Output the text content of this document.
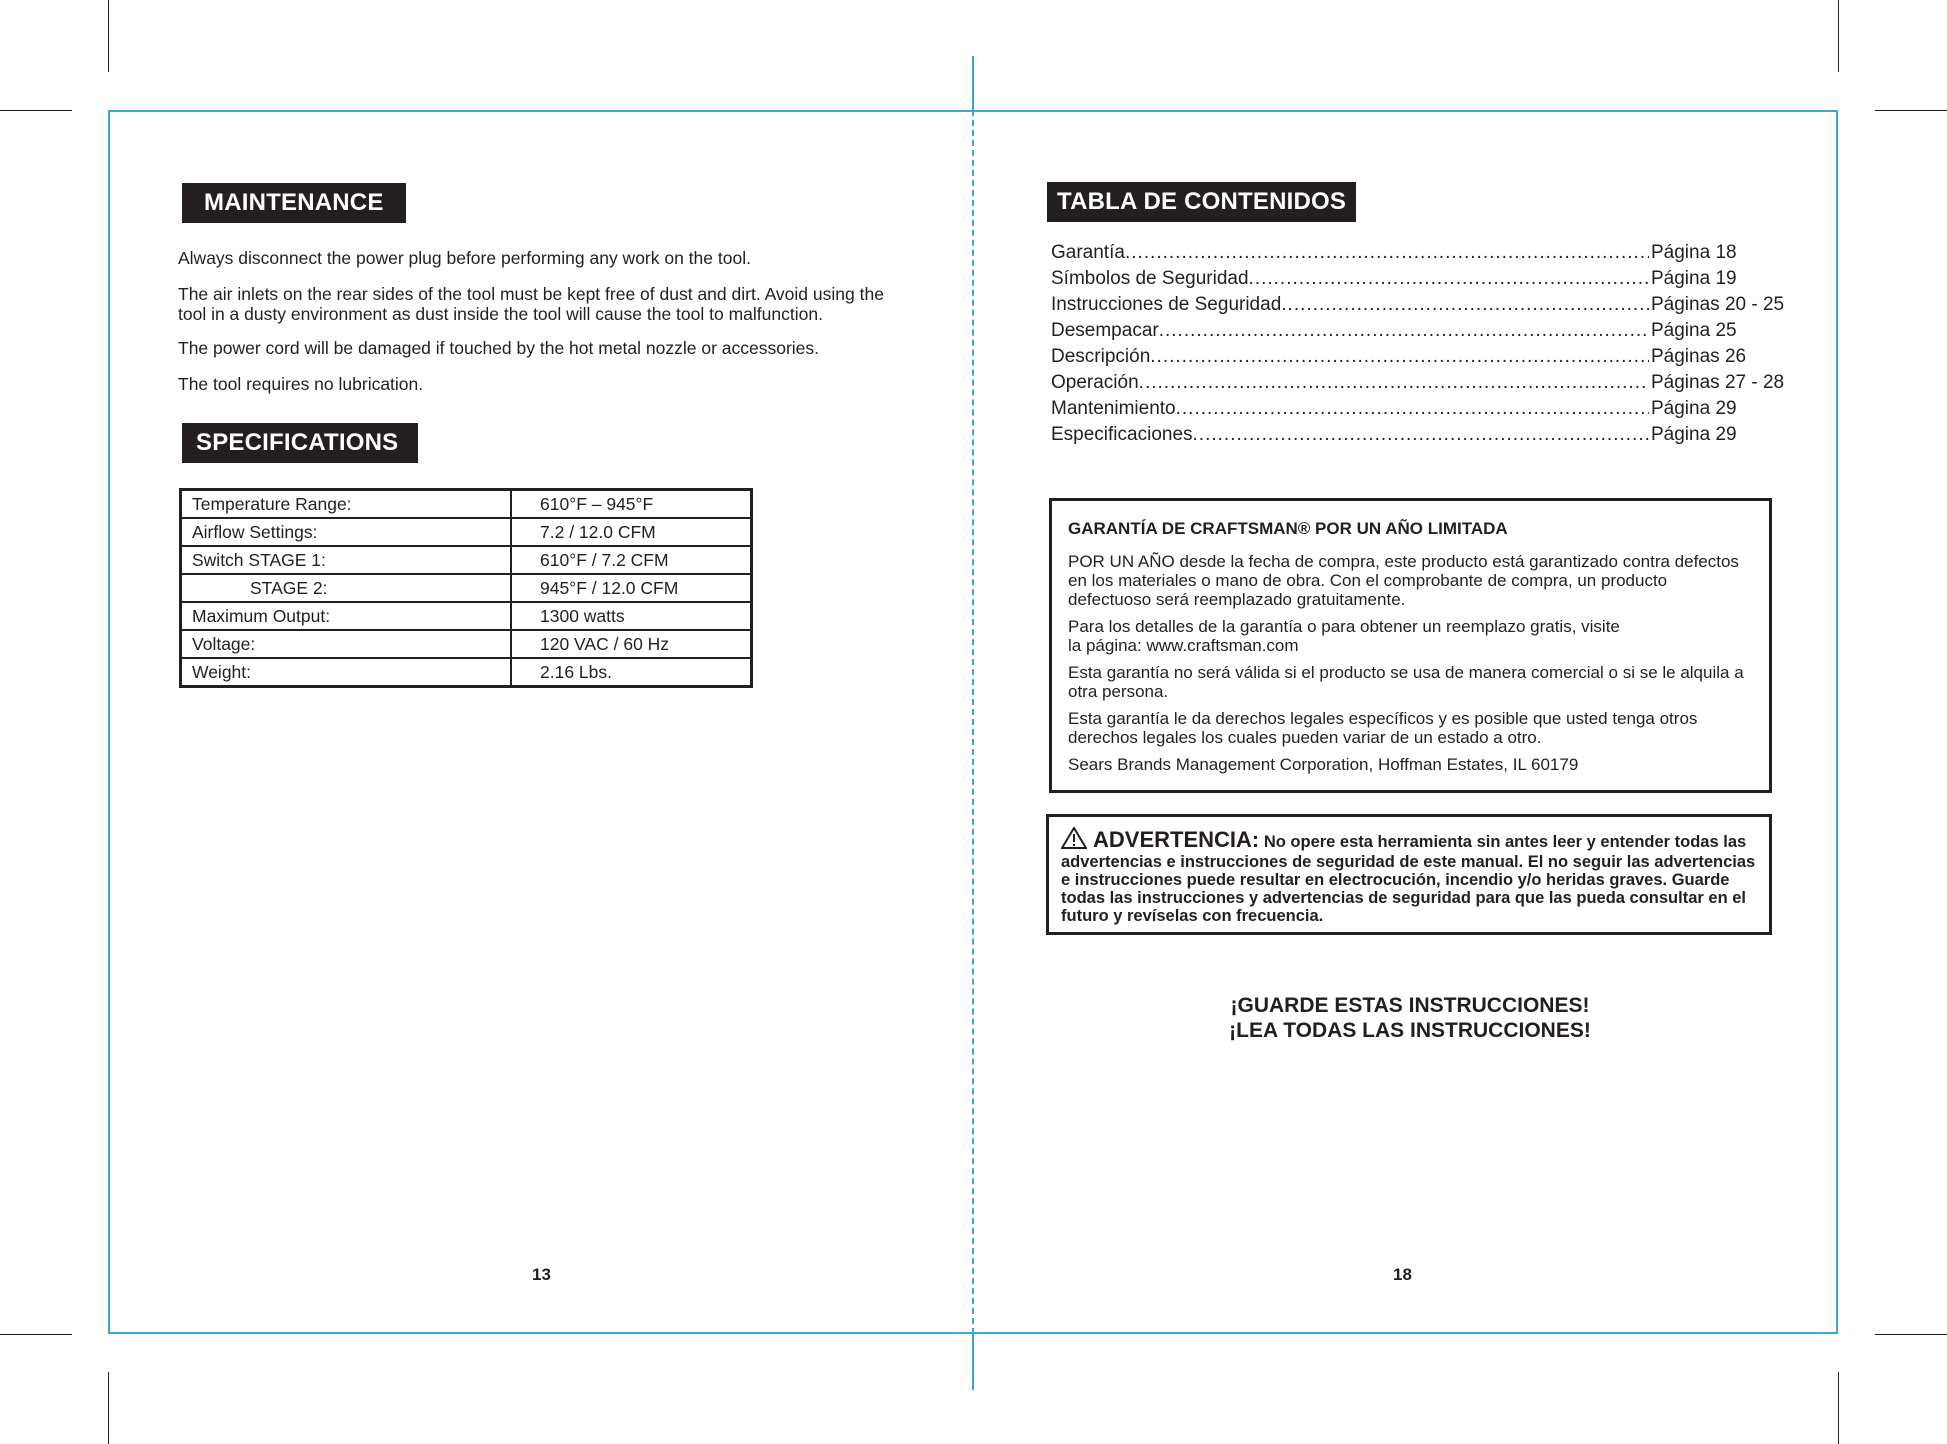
MAINTENANCE
Always disconnect the power plug before performing any work on the tool.
The air inlets on the rear sides of the tool must be kept free of dust and dirt. Avoid using the tool in a dusty environment as dust inside the tool will cause the tool to malfunction.
The power cord will be damaged if touched by the hot metal nozzle or accessories.
The tool requires no lubrication.
SPECIFICATIONS
Temperature Range:	610°F – 945°F
Airflow Settings:	7.2 / 12.0 CFM
Switch STAGE 1:	610°F / 7.2 CFM
STAGE 2:	945°F / 12.0 CFM
Maximum Output:	1300 watts
Voltage:	120 VAC / 60 Hz
Weight:	2.16 Lbs.
13
TABLA DE CONTENIDOS
Garantía .....	Página 18
Símbolos de Seguridad .....	Página 19
Instrucciones de Seguridad .....	Páginas 20 - 25
Desempacar .....	Página 25
Descripción .....	Páginas 26
Operación .....	Páginas 27 - 28
Mantenimiento .....	Página 29
Especificaciones .....	Página 29
GARANTÍA DE CRAFTSMAN® POR UN AÑO LIMITADA

POR UN AÑO desde la fecha de compra, este producto está garantizado contra defectos en los materiales o mano de obra. Con el comprobante de compra, un producto defectuoso será reemplazado gratuitamente.

Para los detalles de la garantía o para obtener un reemplazo gratis, visite la página: www.craftsman.com

Esta garantía no será válida si el producto se usa de manera comercial o si se le alquila a otra persona.

Esta garantía le da derechos legales específicos y es posible que usted tenga otros derechos legales los cuales pueden variar de un estado a otro.

Sears Brands Management Corporation, Hoffman Estates, IL 60179

ADVERTENCIA: No opere esta herramienta sin antes leer y entender todas las advertencias e instrucciones de seguridad de este manual. El no seguir las advertencias e instrucciones puede resultar en electrocución, incendio y/o heridas graves. Guarde todas las instrucciones y advertencias de seguridad para que las pueda consultar en el futuro y revíselas con frecuencia.
¡GUARDE ESTAS INSTRUCCIONES!
¡LEA TODAS LAS INSTRUCCIONES!
18
